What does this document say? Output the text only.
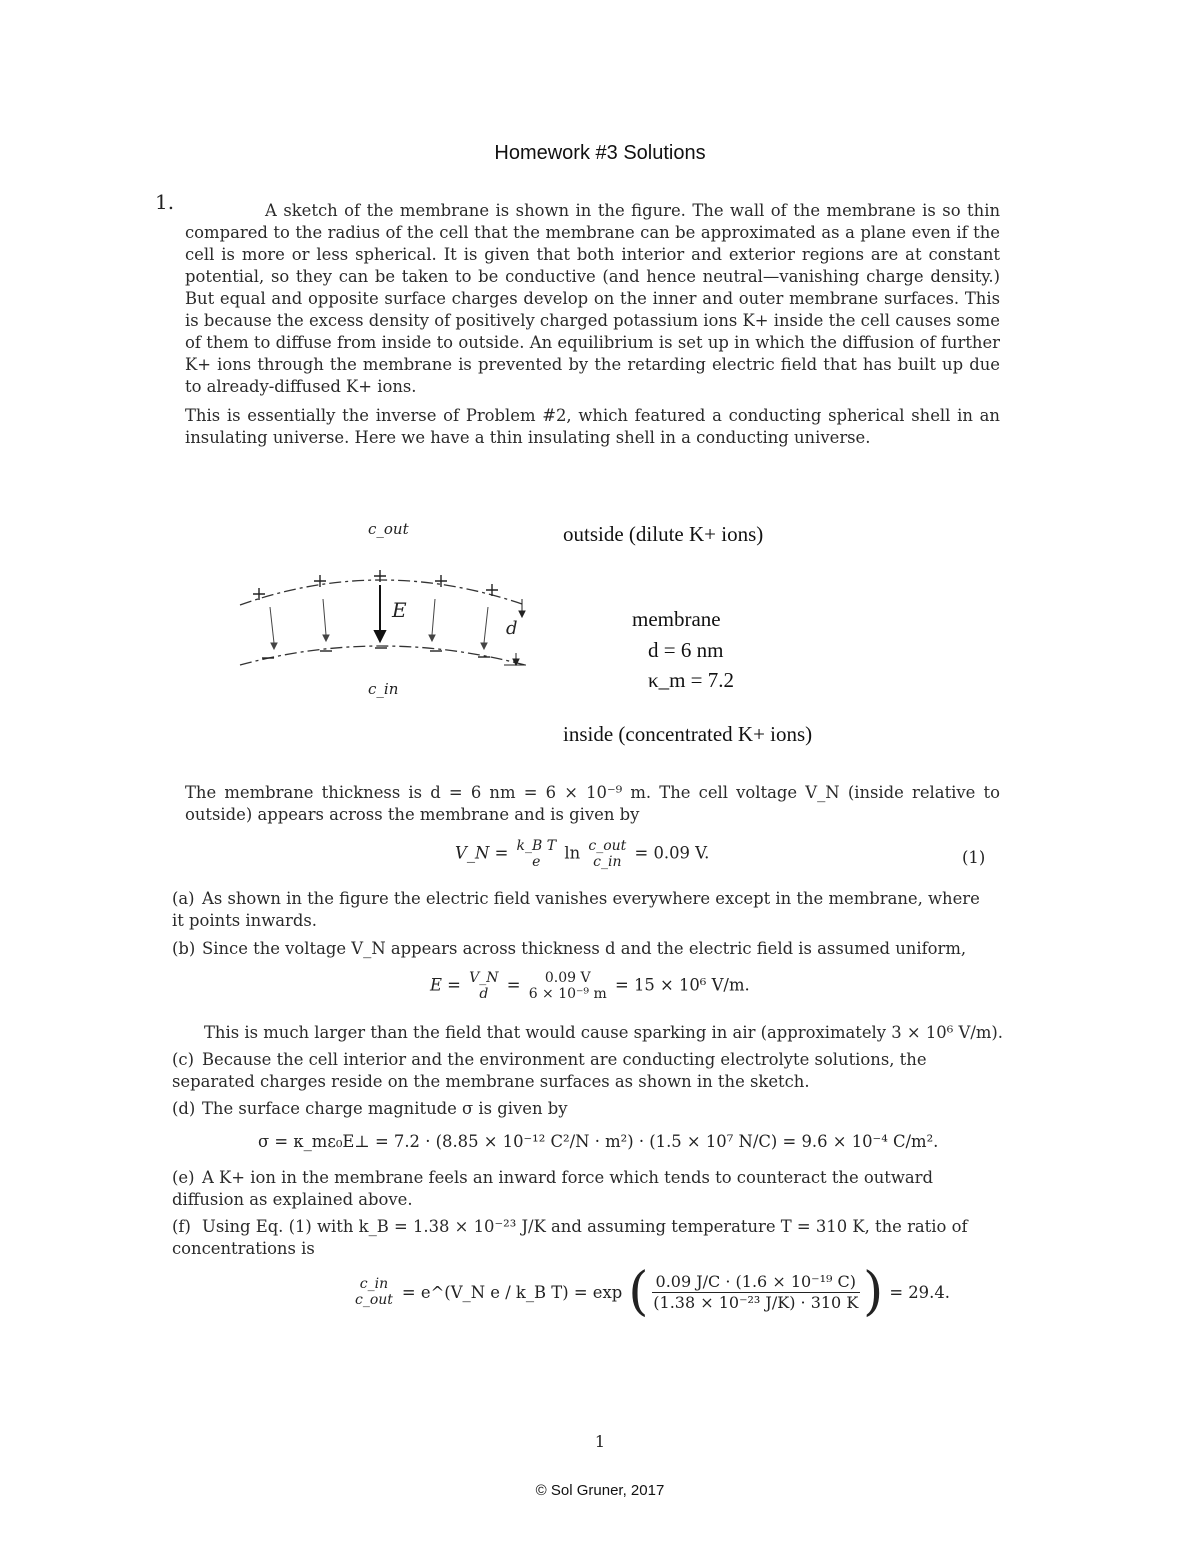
Homework #3 Solutions
1.	A sketch of the membrane is shown in the figure. The wall of the membrane is so thin compared to the radius of the cell that the membrane can be approximated as a plane even if the cell is more or less spherical. It is given that both interior and exterior regions are at constant potential, so they can be taken to be conductive (and hence neutral—vanishing charge density.) But equal and opposite surface charges develop on the inner and outer membrane surfaces. This is because the excess density of positively charged potassium ions K+ inside the cell causes some of them to diffuse from inside to outside. An equilibrium is set up in which the diffusion of further K+ ions through the membrane is prevented by the retarding electric field that has built up due to already-diffused K+ ions.
This is essentially the inverse of Problem #2, which featured a conducting spherical shell in an insulating universe. Here we have a thin insulating shell in a conducting universe.
c_out
E
d
c_in
outside (dilute K+ ions)
membrane
d = 6 nm
κ_m = 7.2
inside (concentrated K+ ions)
The membrane thickness is d = 6 nm = 6 × 10⁻⁹ m. The cell voltage V_N (inside relative to outside) appears across the membrane and is given by
V_N = k_B T
e ln c_out
c_in = 0.09 V.	(1)
(a) As shown in the figure the electric field vanishes everywhere except in the membrane, where it points inwards.
(b) Since the voltage V_N appears across thickness d and the electric field is assumed uniform,
E = V_N
d = 0.09 V
6 × 10⁻⁹ m = 15 × 10⁶ V/m.
This is much larger than the field that would cause sparking in air (approximately 3 × 10⁶ V/m).
(c) Because the cell interior and the environment are conducting electrolyte solutions, the separated charges reside on the membrane surfaces as shown in the sketch.
(d) The surface charge magnitude σ is given by
σ = κ_mε₀E⊥ = 7.2 · (8.85 × 10⁻¹² C²/N · m²) · (1.5 × 10⁷ N/C) = 9.6 × 10⁻⁴ C/m².
(e) A K+ ion in the membrane feels an inward force which tends to counteract the outward diffusion as explained above.
(f) Using Eq. (1) with k_B = 1.38 × 10⁻²³ J/K and assuming temperature T = 310 K, the ratio of concentrations is
c_in
c_out = e^(V_N e / k_B T) = exp ( $\frac{\text{0.09 J/C · (1.6 × 10⁻¹⁹ C)}}{\text{(1.38 × 10⁻²³ J/K) · 310 K}}$ ) = 29.4.
1
© Sol Gruner, 2017
